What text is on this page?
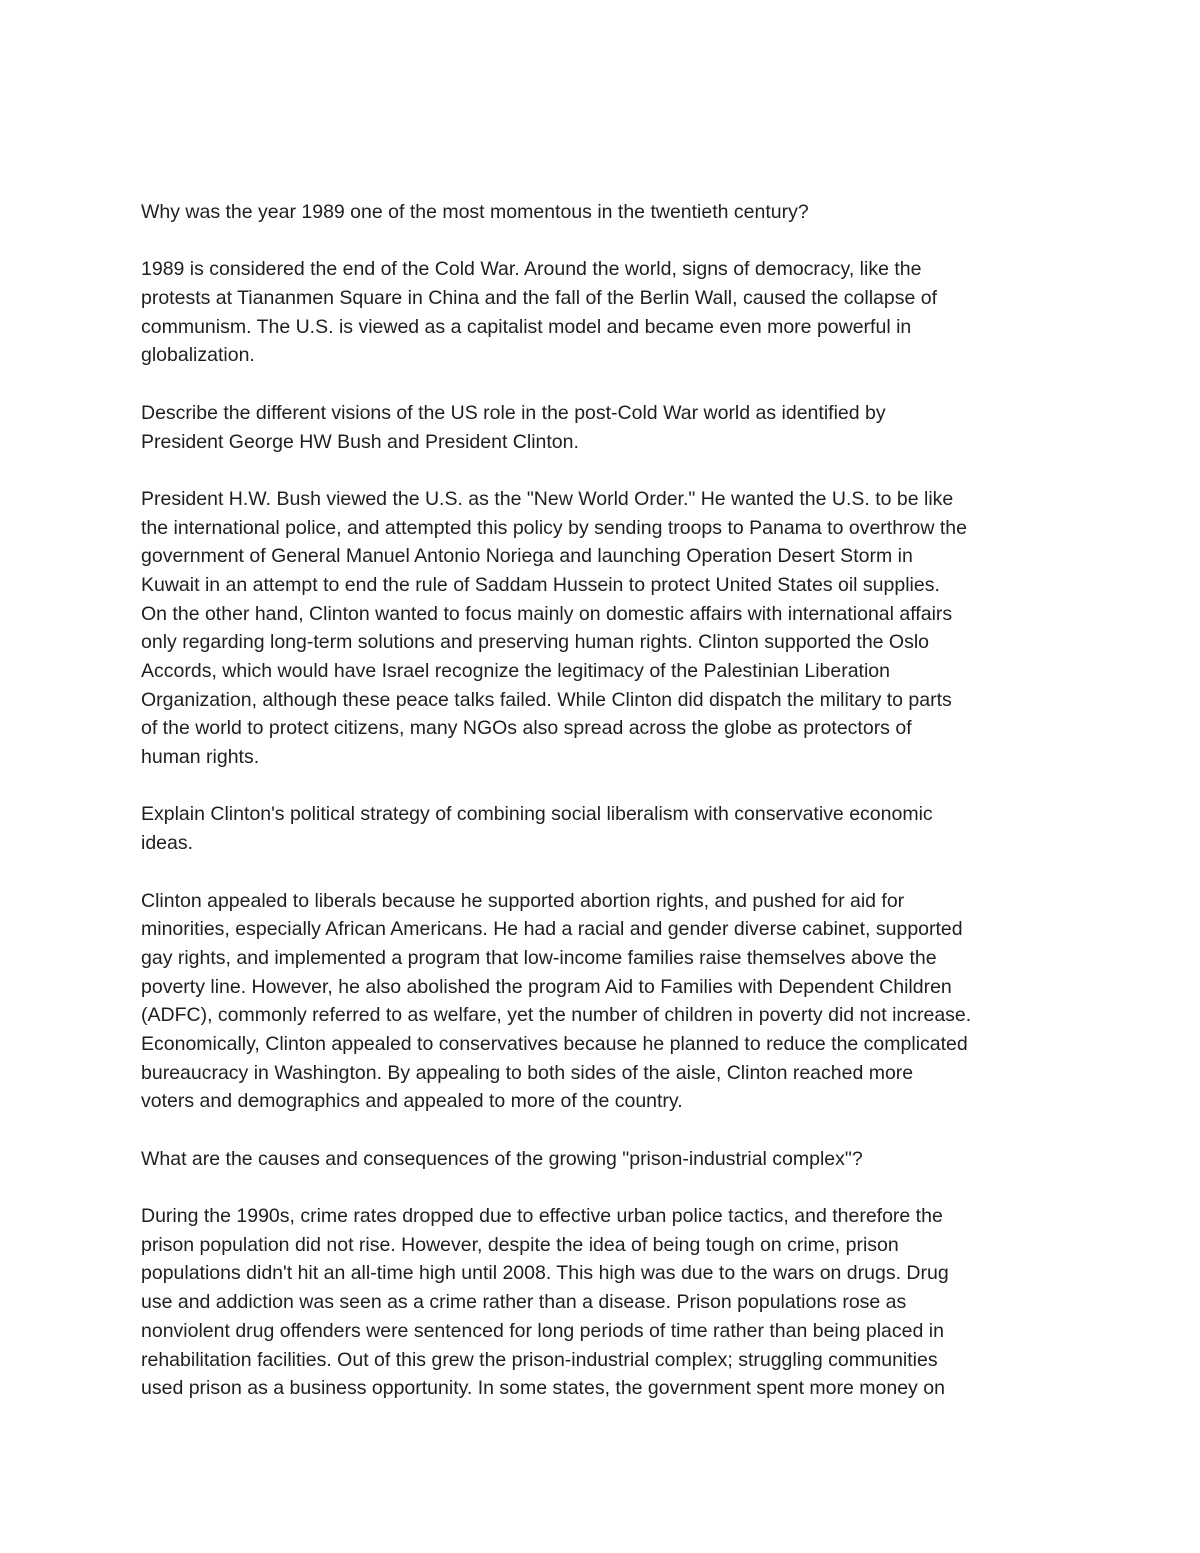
Why was the year 1989 one of the most momentous in the twentieth century?
1989 is considered the end of the Cold War. Around the world, signs of democracy, like the
protests at Tiananmen Square in China and the fall of the Berlin Wall, caused the collapse of
communism. The U.S. is viewed as a capitalist model and became even more powerful in
globalization.
Describe the different visions of the US role in the post-Cold War world as identified by
President George HW Bush and President Clinton.
President H.W. Bush viewed the U.S. as the "New World Order." He wanted the U.S. to be like
the international police, and attempted this policy by sending troops to Panama to overthrow the
government of General Manuel Antonio Noriega and launching Operation Desert Storm in
Kuwait in an attempt to end the rule of Saddam Hussein to protect United States oil supplies.
On the other hand, Clinton wanted to focus mainly on domestic affairs with international affairs
only regarding long-term solutions and preserving human rights. Clinton supported the Oslo
Accords, which would have Israel recognize the legitimacy of the Palestinian Liberation
Organization, although these peace talks failed. While Clinton did dispatch the military to parts
of the world to protect citizens, many NGOs also spread across the globe as protectors of
human rights.
Explain Clinton's political strategy of combining social liberalism with conservative economic
ideas.
Clinton appealed to liberals because he supported abortion rights, and pushed for aid for
minorities, especially African Americans. He had a racial and gender diverse cabinet, supported
gay rights, and implemented a program that low-income families raise themselves above the
poverty line. However, he also abolished the program Aid to Families with Dependent Children
(ADFC), commonly referred to as welfare, yet the number of children in poverty did not increase.
Economically, Clinton appealed to conservatives because he planned to reduce the complicated
bureaucracy in Washington. By appealing to both sides of the aisle, Clinton reached more
voters and demographics and appealed to more of the country.
What are the causes and consequences of the growing "prison-industrial complex"?
During the 1990s, crime rates dropped due to effective urban police tactics, and therefore the
prison population did not rise. However, despite the idea of being tough on crime, prison
populations didn't hit an all-time high until 2008. This high was due to the wars on drugs. Drug
use and addiction was seen as a crime rather than a disease. Prison populations rose as
nonviolent drug offenders were sentenced for long periods of time rather than being placed in
rehabilitation facilities. Out of this grew the prison-industrial complex; struggling communities
used prison as a business opportunity. In some states, the government spent more money on
